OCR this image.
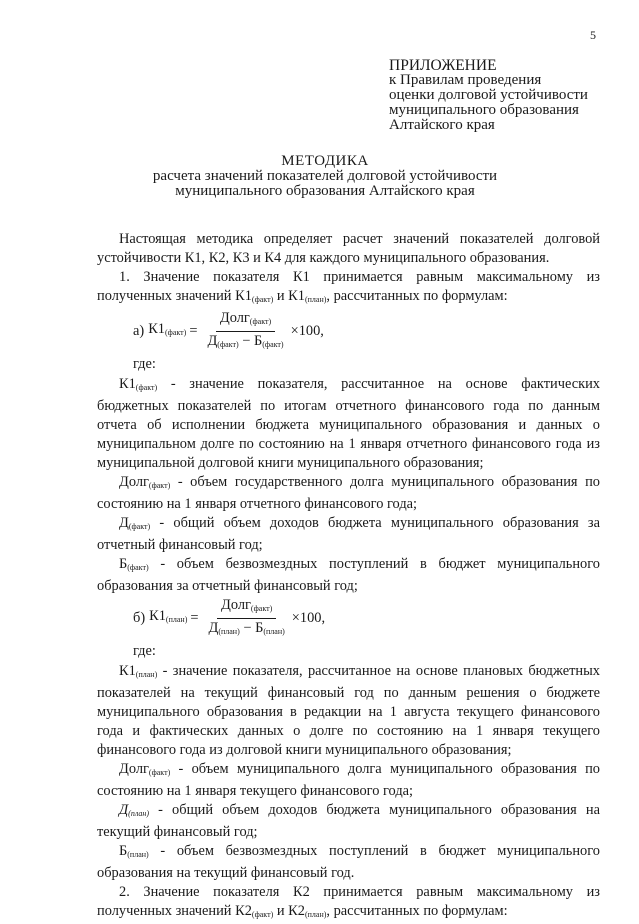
5
ПРИЛОЖЕНИЕ
к Правилам проведения
оценки долговой устойчивости
муниципального образования
Алтайского края
МЕТОДИКА
расчета значений показателей долговой устойчивости
муниципального образования Алтайского края

Настоящая методика определяет расчет значений показателей долговой устойчивости К1, К2, К3 и К4 для каждого муниципального образования.

1. Значение показателя К1 принимается равным максимальному из полученных значений К1(факт) и К1(план), рассчитанных по формулам:

а) К1(факт) = $\frac{\text{Долг(факт)}}{\text{Д(факт) − Б(факт)}} \times 100$ ,

где:

К1(факт) - значение показателя, рассчитанное на основе фактических бюджетных показателей по итогам отчетного финансового года по данным отчета об исполнении бюджета муниципального образования и данных о муниципальном долге по состоянию на 1 января отчетного финансового года из муниципальной долговой книги муниципального образования;

Долг(факт) - объем государственного долга муниципального образования по состоянию на 1 января отчетного финансового года;

Д(факт) - общий объем доходов бюджета муниципального образования за отчетный финансовый год;

Б(факт) - объем безвозмездных поступлений в бюджет муниципального образования за отчетный финансовый год;

б) К1(план) = $\frac{\text{Долг(факт)}}{\text{Д(план) − Б(план)}} \times 100$ ,

где:

К1(план) - значение показателя, рассчитанное на основе плановых бюджетных показателей на текущий финансовый год по данным решения о бюджете муниципального образования в редакции на 1 августа текущего финансового года и фактических данных о долге по состоянию на 1 января текущего финансового года из долговой книги муниципального образования;

Долг(факт) - объем муниципального долга муниципального образования по состоянию на 1 января текущего финансового года;

Д(план) - общий объем доходов бюджета муниципального образования на текущий финансовый год;

Б(план) - объем безвозмездных поступлений в бюджет муниципального образования на текущий финансовый год.

2. Значение показателя К2 принимается равным максимальному из полученных значений К2(факт) и К2(план), рассчитанных по формулам:
